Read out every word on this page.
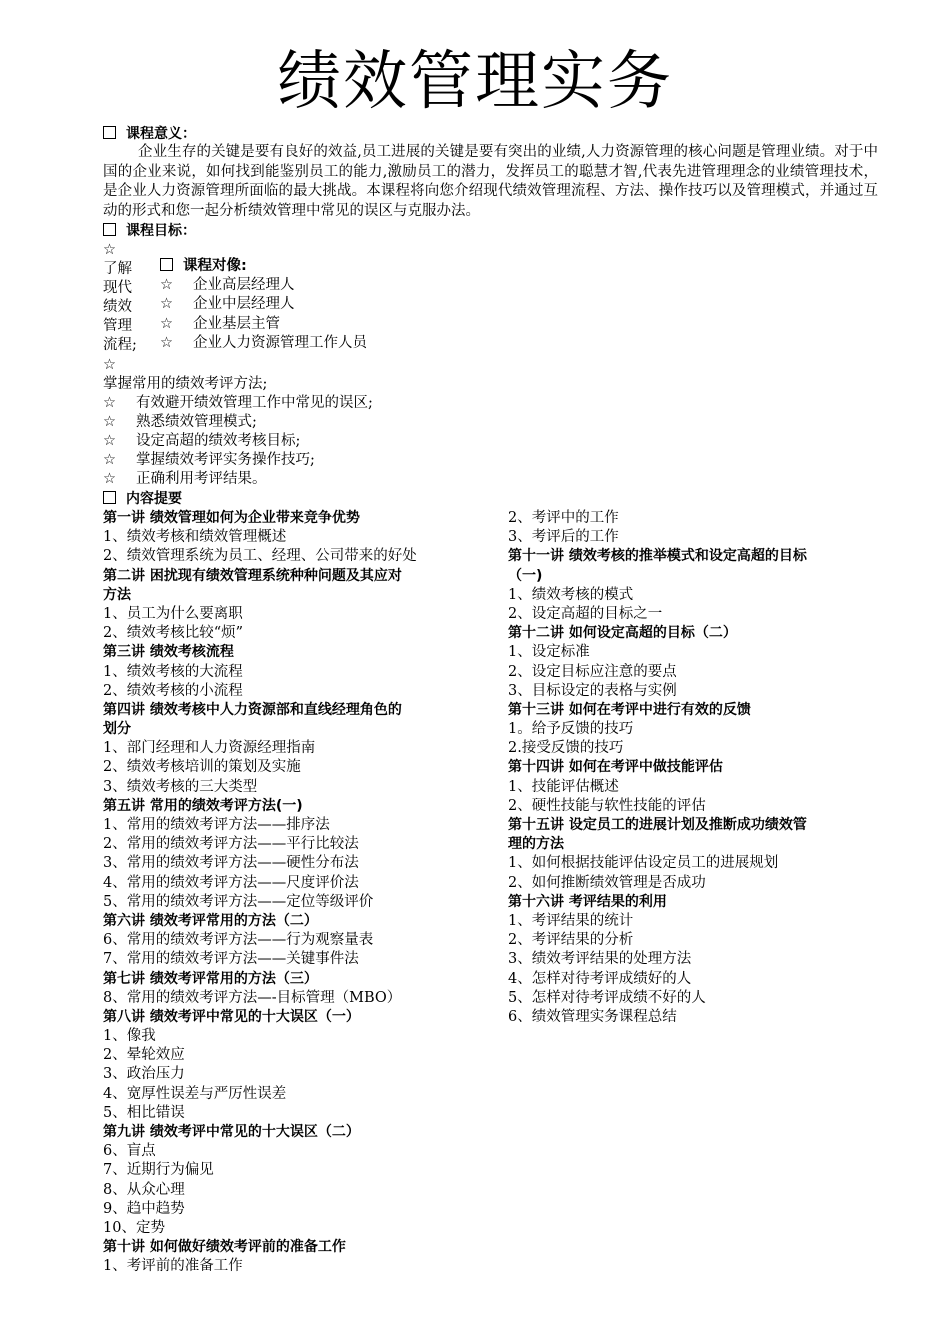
绩效管理实务
课程意义：
企业生存的关键是要有良好的效益,员工进展的关键是要有突出的业绩,人力资源管理的核心问题是管理业绩。对于中国的企业来说，如何找到能鉴别员工的能力,激励员工的潜力，发挥员工的聪慧才智,代表先进管理理念的业绩管理技术，是企业人力资源管理所面临的最大挑战。本课程将向您介绍现代绩效管理流程、方法、操作技巧以及管理模式，并通过互动的形式和您一起分析绩效管理中常见的误区与克服办法。
课程目标：
☆
了解
现代
绩效
管理
流程;
☆
掌握常用的绩效考评方法;
☆ 有效避开绩效管理工作中常见的误区;
☆ 熟悉绩效管理模式;
☆ 设定高超的绩效考核目标;
☆ 掌握绩效考评实务操作技巧;
☆ 正确利用考评结果。
课程对像:
☆ 企业高层经理人
☆ 企业中层经理人
☆ 企业基层主管
☆ 企业人力资源管理工作人员
内容提要
第一讲 绩效管理如何为企业带来竞争优势
1、绩效考核和绩效管理概述
2、绩效管理系统为员工、经理、公司带来的好处
第二讲 困扰现有绩效管理系统种种问题及其应对
方法
1、员工为什么要离职
2、绩效考核比较“烦”
第三讲 绩效考核流程
1、绩效考核的大流程
2、绩效考核的小流程
第四讲 绩效考核中人力资源部和直线经理角色的
划分
1、部门经理和人力资源经理指南
2、绩效考核培训的策划及实施
3、绩效考核的三大类型
第五讲 常用的绩效考评方法(一)
1、常用的绩效考评方法——排序法
2、常用的绩效考评方法——平行比较法
3、常用的绩效考评方法——硬性分布法
4、常用的绩效考评方法——尺度评价法
5、常用的绩效考评方法——定位等级评价
第六讲 绩效考评常用的方法（二）
6、常用的绩效考评方法——行为观察量表
7、常用的绩效考评方法——关键事件法
第七讲 绩效考评常用的方法（三）
8、常用的绩效考评方法—-目标管理（MBO）
第八讲 绩效考评中常见的十大误区（一）
1、像我
2、晕轮效应
3、政治压力
4、宽厚性误差与严厉性误差
5、相比错误
第九讲 绩效考评中常见的十大误区（二）
6、盲点
7、近期行为偏见
8、从众心理
9、趋中趋势
10、定势
第十讲 如何做好绩效考评前的准备工作
1、考评前的准备工作
2、考评中的工作
3、考评后的工作
第十一讲 绩效考核的推举模式和设定高超的目标
（一)
1、绩效考核的模式
2、设定高超的目标之一
第十二讲 如何设定高超的目标（二）
1、设定标准
2、设定目标应注意的要点
3、目标设定的表格与实例
第十三讲 如何在考评中进行有效的反馈
1。给予反馈的技巧
2.接受反馈的技巧
第十四讲 如何在考评中做技能评估
1、技能评估概述
2、硬性技能与软性技能的评估
第十五讲 设定员工的进展计划及推断成功绩效管
理的方法
1、如何根据技能评估设定员工的进展规划
2、如何推断绩效管理是否成功
第十六讲 考评结果的利用
1、考评结果的统计
2、考评结果的分析
3、绩效考评结果的处理方法
4、怎样对待考评成绩好的人
5、怎样对待考评成绩不好的人
6、绩效管理实务课程总结
